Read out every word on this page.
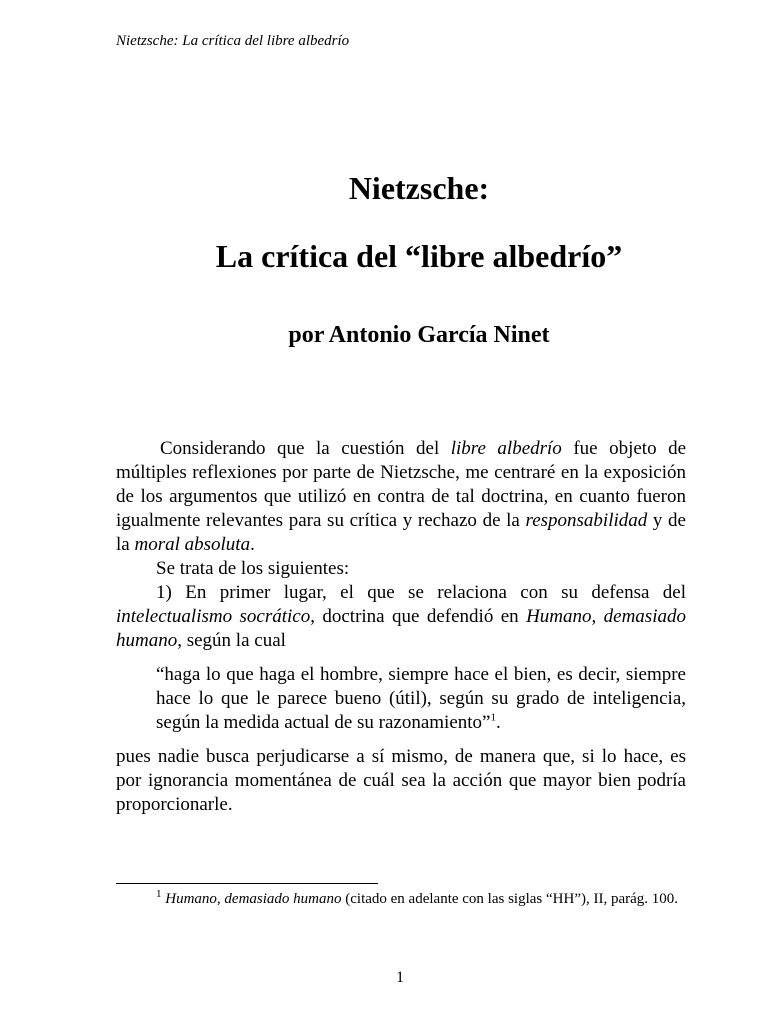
Nietzsche: La crítica del libre albedrío
Nietzsche:
La crítica del “libre albedrío”
por Antonio García Ninet

Considerando que la cuestión del libre albedrío fue objeto de múltiples reflexiones por parte de Nietzsche, me centraré en la exposición de los argumentos que utilizó en contra de tal doctrina, en cuanto fueron igualmente relevantes para su crítica y rechazo de la responsabilidad y de la moral absoluta.

Se trata de los siguientes:

1) En primer lugar, el que se relaciona con su defensa del intelectualismo socrático, doctrina que defendió en Humano, demasiado humano, según la cual

“haga lo que haga el hombre, siempre hace el bien, es decir, siempre hace lo que le parece bueno (útil), según su grado de inteligencia, según la medida actual de su razonamiento”$^1$.

pues nadie busca perjudicarse a sí mismo, de manera que, si lo hace, es por ignorancia momentánea de cuál sea la acción que mayor bien podría proporcionarle.

$^1$ Humano, demasiado humano (citado en adelante con las siglas “HH”), II, parág. 100.
1
